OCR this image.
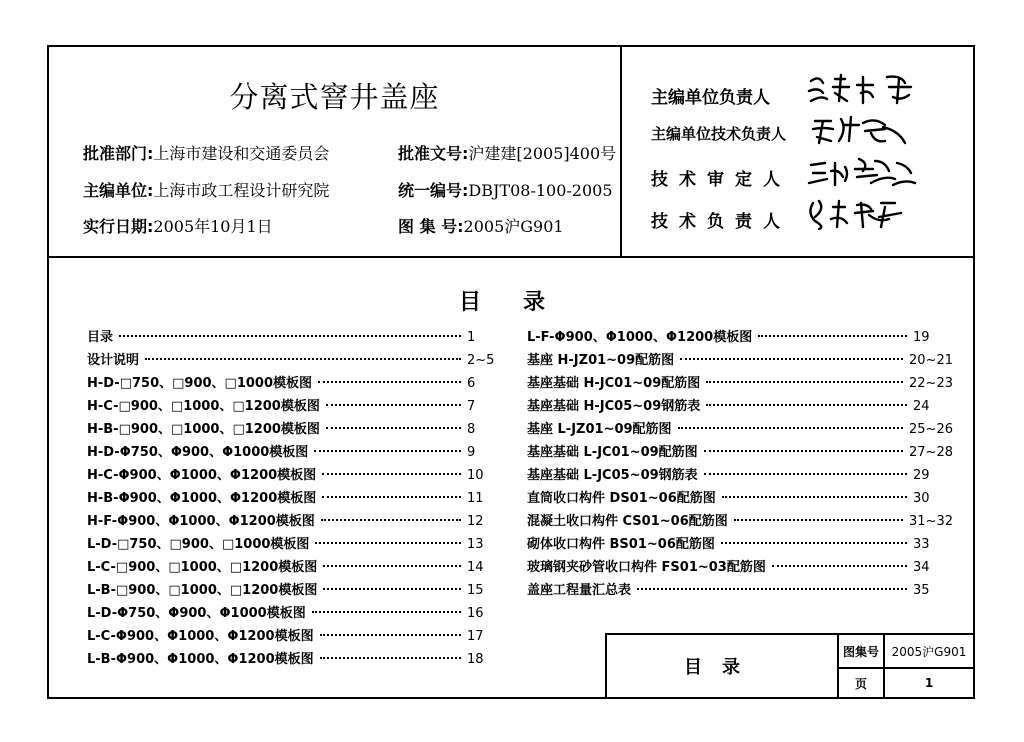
分离式窨井盖座
批准部门:上海市建设和交通委员会	批准文号:沪建建[2005]400号
主编单位:上海市政工程设计研究院	统一编号:DBJT08-100-2005
实行日期:2005年10月1日	图 集 号:2005沪G901
主编单位负责人
主编单位技术负责人
技术审定人
技术负责人
目录
目录	1
设计说明	2~5
H-D-□750、□900、□1000模板图	6
H-C-□900、□1000、□1200模板图	7
H-B-□900、□1000、□1200模板图	8
H-D-Φ750、Φ900、Φ1000模板图	9
H-C-Φ900、Φ1000、Φ1200模板图	10
H-B-Φ900、Φ1000、Φ1200模板图	11
H-F-Φ900、Φ1000、Φ1200模板图	12
L-D-□750、□900、□1000模板图	13
L-C-□900、□1000、□1200模板图	14
L-B-□900、□1000、□1200模板图	15
L-D-Φ750、Φ900、Φ1000模板图	16
L-C-Φ900、Φ1000、Φ1200模板图	17
L-B-Φ900、Φ1000、Φ1200模板图	18
L-F-Φ900、Φ1000、Φ1200模板图	19
基座 H-JZ01~09配筋图	20~21
基座基础 H-JC01~09配筋图	22~23
基座基础 H-JC05~09钢筋表	24
基座 L-JZ01~09配筋图	25~26
基座基础 L-JC01~09配筋图	27~28
基座基础 L-JC05~09钢筋表	29
直筒收口构件 DS01~06配筋图	30
混凝土收口构件 CS01~06配筋图	31~32
砌体收口构件 BS01~06配筋图	33
玻璃钢夹砂管收口构件 FS01~03配筋图	34
盖座工程量汇总表	35
目录
图集号	2005沪G901
页	1
